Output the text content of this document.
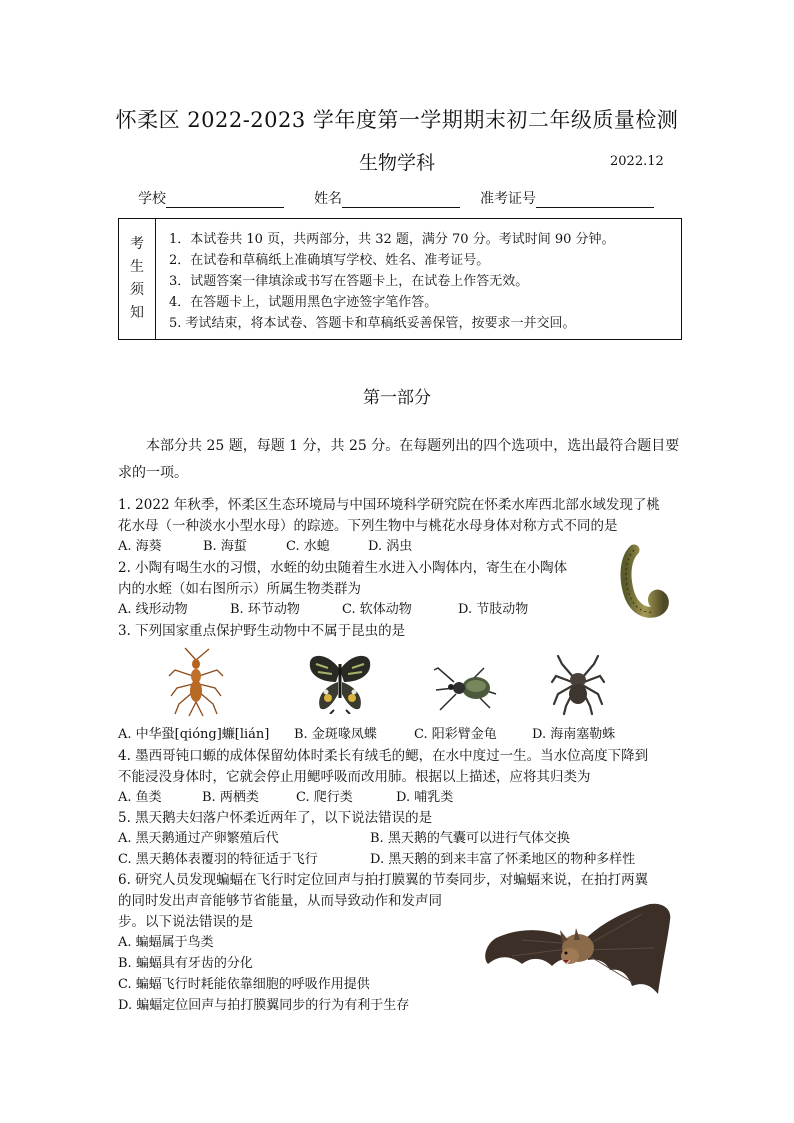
怀柔区 2022-2023 学年度第一学期期末初二年级质量检测
生物学科	2022.12
学校	姓名	准考证号
考
生
须
知
1．本试卷共 10 页，共两部分，共 32 题，满分 70 分。考试时间 90 分钟。
2．在试卷和草稿纸上准确填写学校、姓名、准考证号。
3．试题答案一律填涂或书写在答题卡上，在试卷上作答无效。
4．在答题卡上，试题用黑色字迹签字笔作答。
5. 考试结束，将本试卷、答题卡和草稿纸妥善保管，按要求一并交回。
第一部分
本部分共 25 题，每题 1 分，共 25 分。在每题列出的四个选项中，选出最符合题目要求的一项。
1. 2022 年秋季，怀柔区生态环境局与中国环境科学研究院在怀柔水库西北部水域发现了桃
花水母（一种淡水小型水母）的踪迹。下列生物中与桃花水母身体对称方式不同的是
A. 海葵	B. 海蜇	C. 水螅	D. 涡虫
2. 小陶有喝生水的习惯，水蛭的幼虫随着生水进入小陶体内，寄生在小陶体
内的水蛭（如右图所示）所属生物类群为
A. 线形动物	B. 环节动物	C. 软体动物	D. 节肢动物
3. 下列国家重点保护野生动物中不属于昆虫的是
A. 中华蛩[qióng]蠊[lián] B. 金斑喙凤蝶	C. 阳彩臂金龟	D. 海南塞勒蛛
4. 墨西哥钝口螈的成体保留幼体时柔长有绒毛的鳃，在水中度过一生。当水位高度下降到
不能浸没身体时，它就会停止用鳃呼吸而改用肺。根据以上描述，应将其归类为
A. 鱼类	B. 两栖类	C. 爬行类	D. 哺乳类
5. 黑天鹅夫妇落户怀柔近两年了，以下说法错误的是
A. 黑天鹅通过产卵繁殖后代	B. 黑天鹅的气囊可以进行气体交换
C. 黑天鹅体表覆羽的特征适于飞行	D. 黑天鹅的到来丰富了怀柔地区的物种多样性
6. 研究人员发现蝙蝠在飞行时定位回声与拍打膜翼的节奏同步，对蝙蝠来说，在拍打两翼
的同时发出声音能够节省能量，从而导致动作和发声同
步。以下说法错误的是
A. 蝙蝠属于鸟类
B. 蝙蝠具有牙齿的分化
C. 蝙蝠飞行时耗能依靠细胞的呼吸作用提供
D. 蝙蝠定位回声与拍打膜翼同步的行为有利于生存
